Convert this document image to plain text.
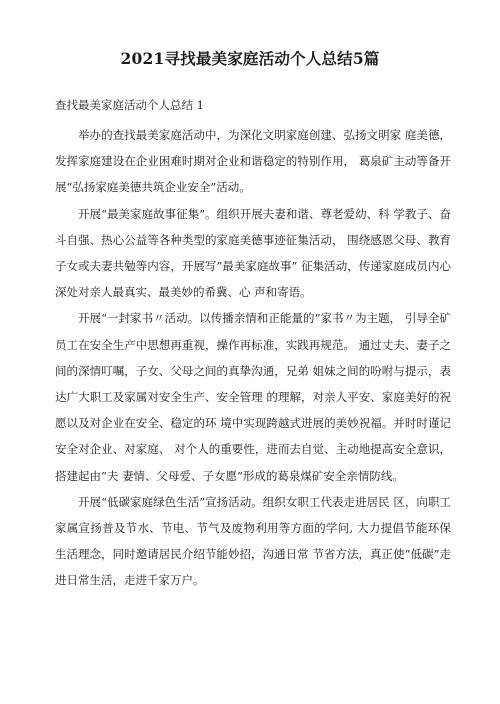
2021寻找最美家庭活动个人总结5篇

查找最美家庭活动个人总结 1

举办的查找最美家庭活动中，为深化文明家庭创建、弘扬文明家 庭美德，发挥家庭建设在企业困难时期对企业和谐稳定的特别作用， 葛泉矿主动等备开展“弘扬家庭美德共筑企业安全”活动。

开展“最美家庭故事征集”。组织开展夫妻和谐、尊老爱幼、科 学教子、奋斗自强、热心公益等各种类型的家庭美德事迹征集活动， 围绕感恩父母、教育子女或夫妻共勉等内容，开展写”最美家庭故事” 征集活动，传递家庭成员内心深处对亲人最真实、最美妙的希冀、心 声和寄语。

开展“一封家书〃活动。以传播亲情和正能量的”家书〃为主题， 引导全矿员工在安全生产中思想再重视，操作再标准，实践再规范。 通过丈夫、妻子之间的深情叮嘱，子女、父母之间的真挚沟通，兄弟 姐妹之间的吩咐与提示，表达广大职工及家属对安全生产、安全管理 的理解，对亲人平安、家庭美好的祝愿以及对企业在安全、稳定的环 境中实现跨越式进展的美妙祝福。并时时谨记安全对企业、对家庭、 对个人的重要性，进而去自觉、主动地提高安全意识，搭建起由“夫 妻情、父母爱、子女愿”形成的葛泉煤矿安全亲情防线。

开展“低碳家庭绿色生活”宣扬活动。组织女职工代表走进居民 区，向职工家属宣扬普及节水、节电、节气及废物利用等方面的学问, 大力提倡节能环保生活理念，同时邀请居民介绍节能妙招，沟通日常 节省方法，真正使“低碳”走进日常生活，走进千家万户。
